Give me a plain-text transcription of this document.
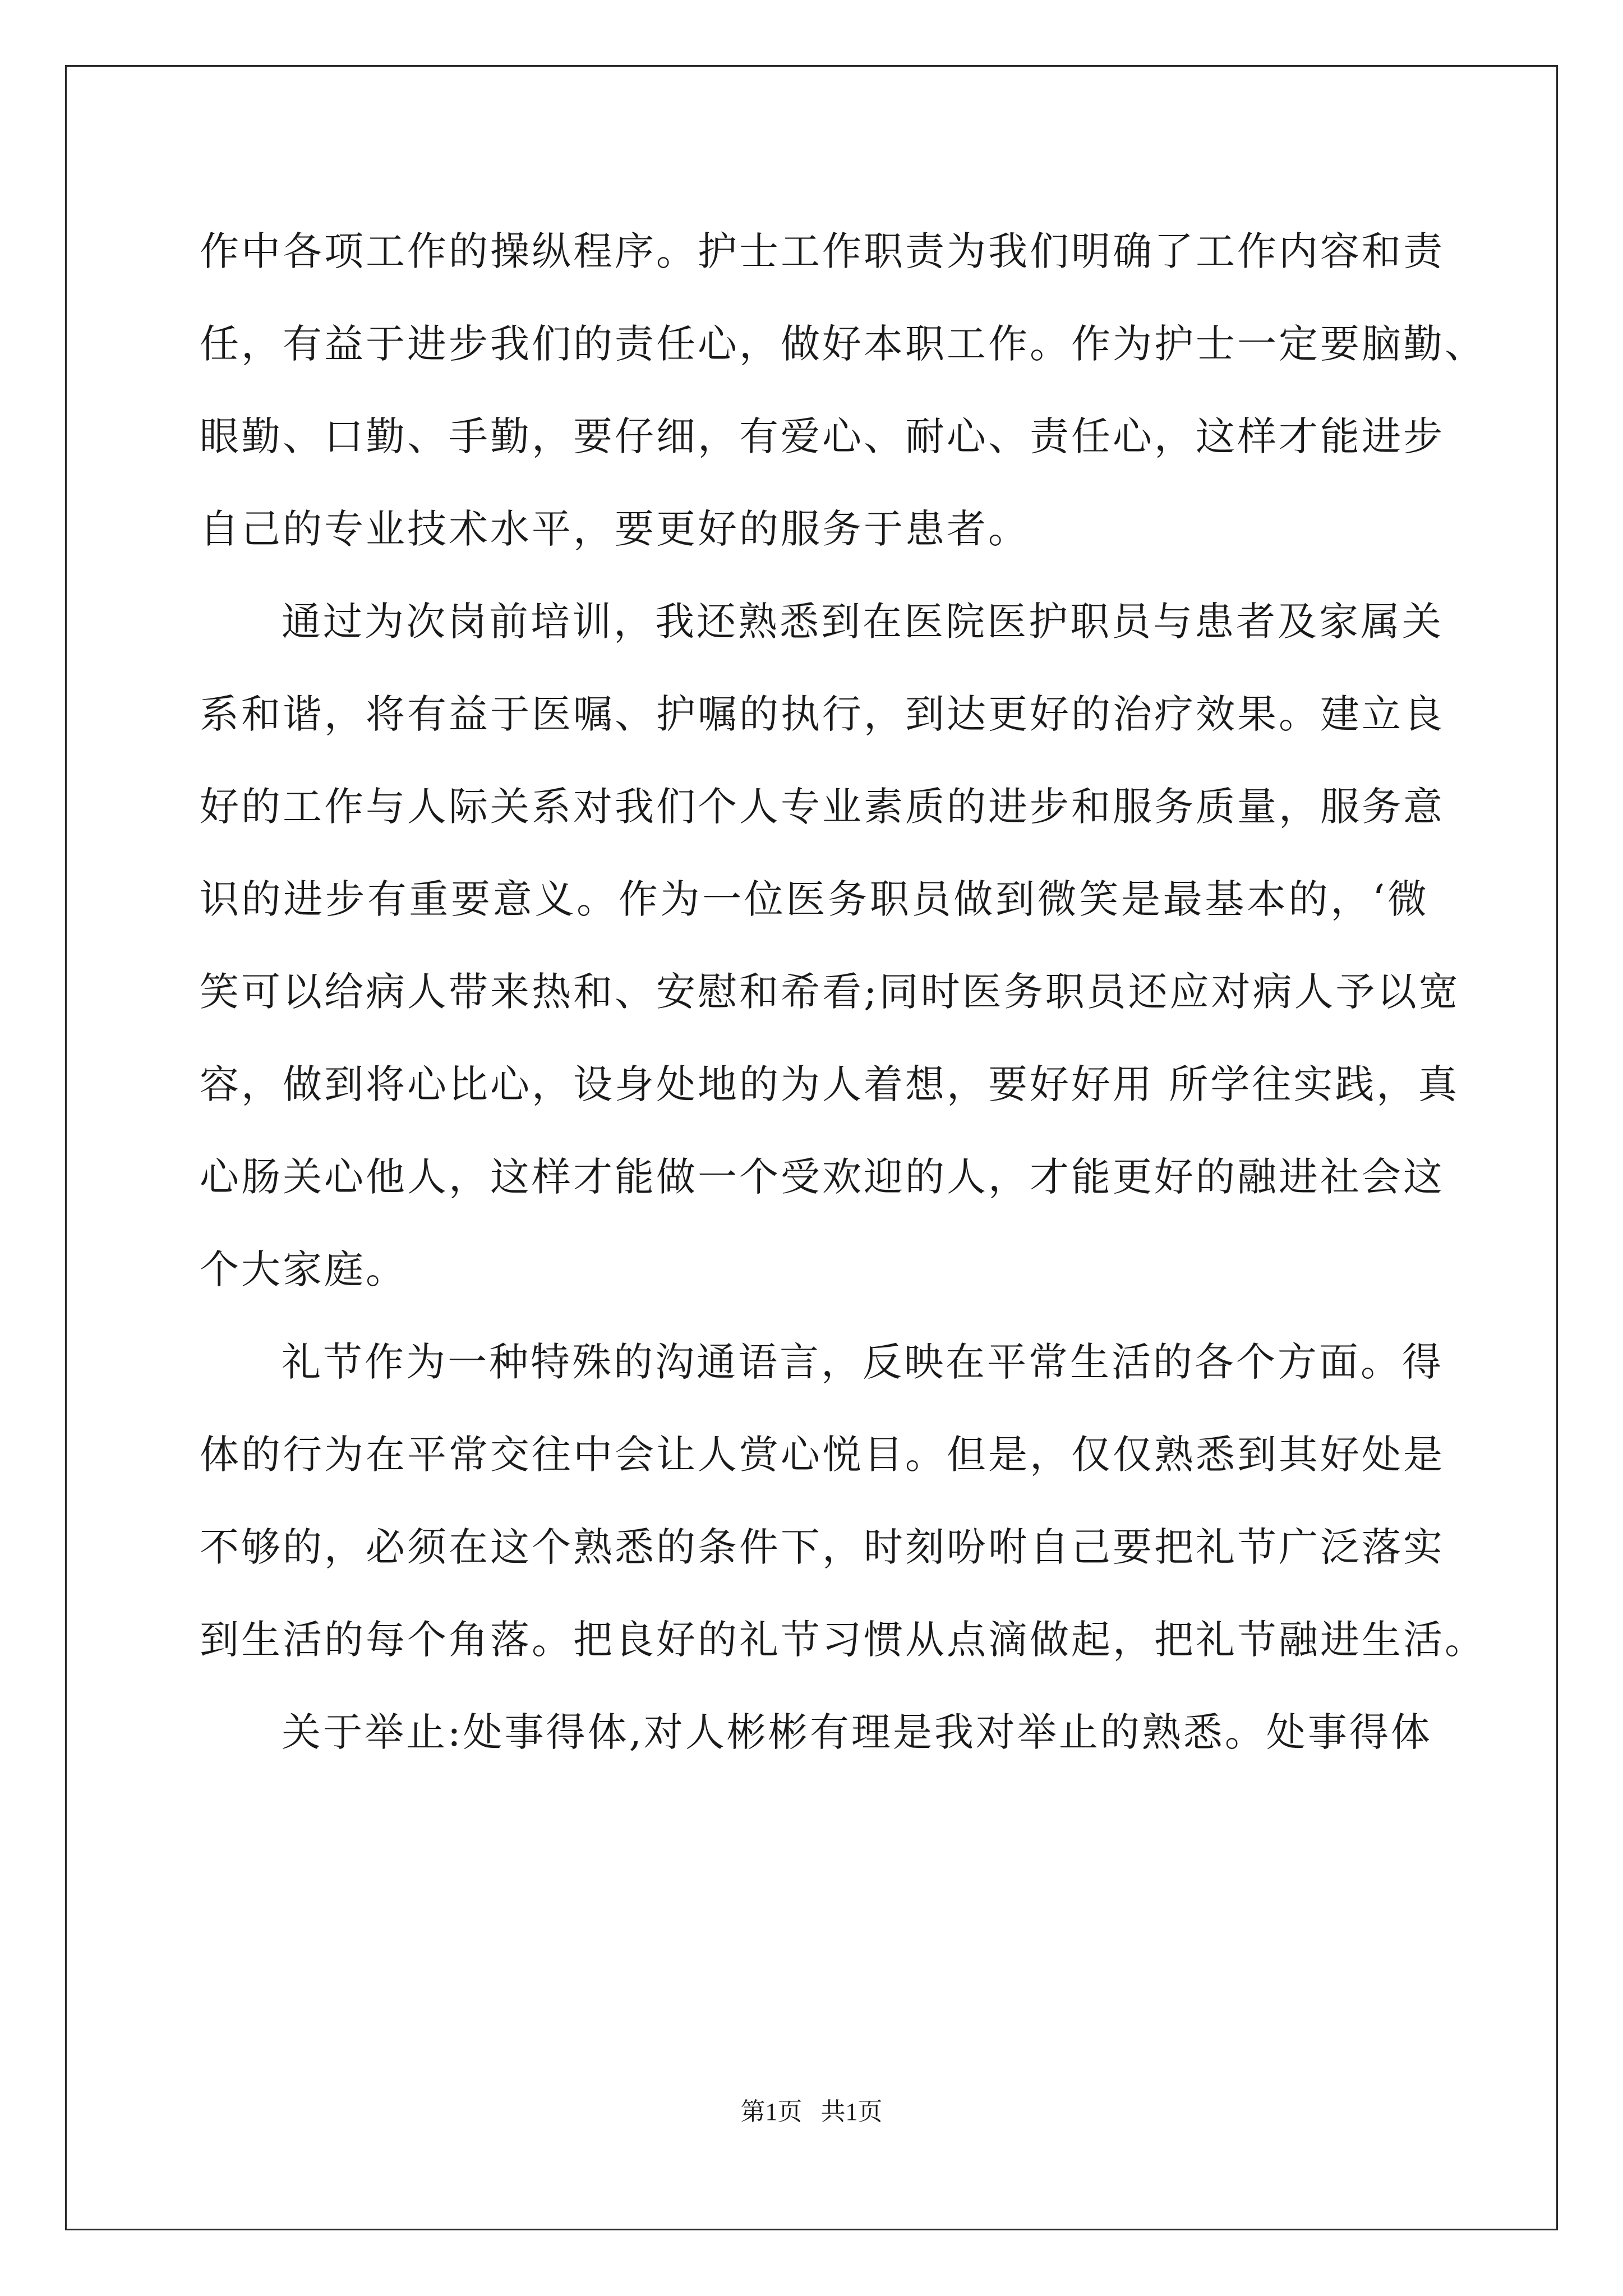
作中各项工作的操纵程序。护士工作职责为我们明确了工作内容和责
任，有益于进步我们的责任心，做好本职工作。作为护士一定要脑勤、
眼勤、口勤、手勤，要仔细，有爱心、耐心、责任心，这样才能进步
自己的专业技术水平，要更好的服务于患者。
通过为次岗前培训，我还熟悉到在医院医护职员与患者及家属关
系和谐，将有益于医嘱、护嘱的执行，到达更好的治疗效果。建立良
好的工作与人际关系对我们个人专业素质的进步和服务质量，服务意
识的进步有重要意义。作为一位医务职员做到微笑是最基本的，‘微
笑可以给病人带来热和、安慰和希看;同时医务职员还应对病人予以宽
容，做到将心比心，设身处地的为人着想，要好好用 所学往实践，真
心肠关心他人，这样才能做一个受欢迎的人，才能更好的融进社会这
个大家庭。
礼节作为一种特殊的沟通语言，反映在平常生活的各个方面。得
体的行为在平常交往中会让人赏心悦目。但是，仅仅熟悉到其好处是
不够的，必须在这个熟悉的条件下，时刻吩咐自己要把礼节广泛落实
到生活的每个角落。把良好的礼节习惯从点滴做起，把礼节融进生活。
关于举止:处事得体,对人彬彬有理是我对举止的熟悉。处事得体
第1页 共1页
